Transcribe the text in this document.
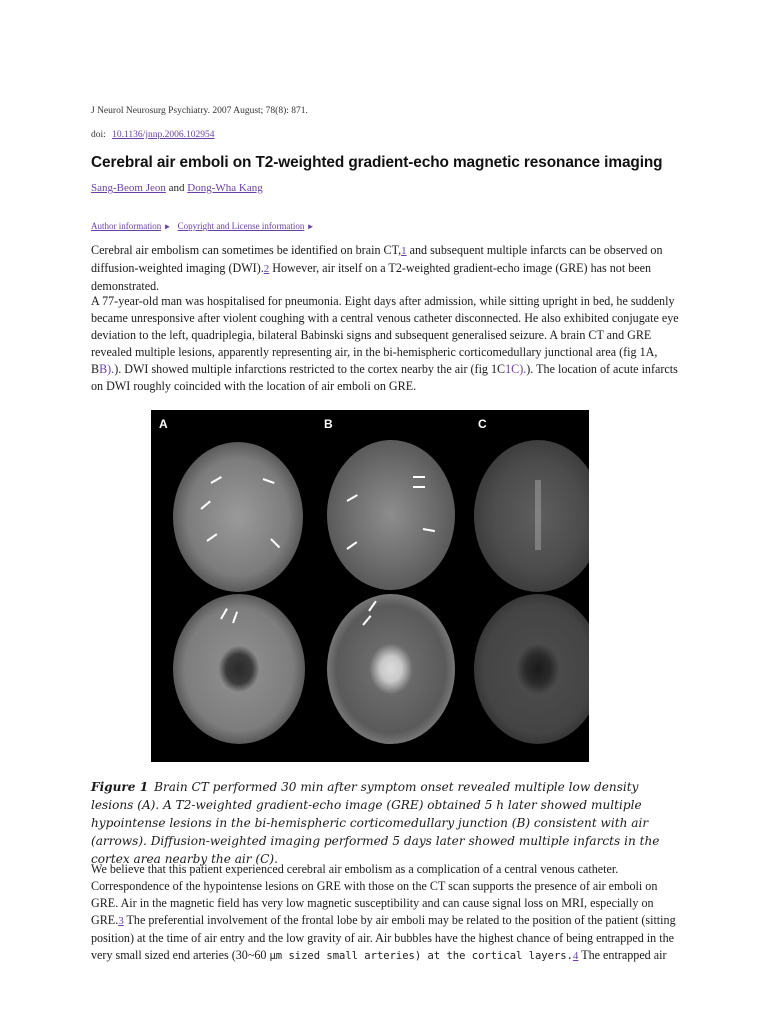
J Neurol Neurosurg Psychiatry. 2007 August; 78(8): 871.
doi: 10.1136/jnnp.2006.102954
Cerebral air emboli on T2-weighted gradient-echo magnetic resonance imaging
Sang-Beom Jeon and Dong-Wha Kang
Author information ► Copyright and License information ►

Cerebral air embolism can sometimes be identified on brain CT,1 and subsequent multiple infarcts can be observed on diffusion-weighted imaging (DWI).2 However, air itself on a T2-weighted gradient-echo image (GRE) has not been demonstrated.

A 77-year-old man was hospitalised for pneumonia. Eight days after admission, while sitting upright in bed, he suddenly became unresponsive after violent coughing with a central venous catheter disconnected. He also exhibited conjugate eye deviation to the left, quadriplegia, bilateral Babinski signs and subsequent generalised seizure. A brain CT and GRE revealed multiple lesions, apparently representing air, in the bi-hemispheric corticomedullary junctional area (fig 1A, BB).). DWI showed multiple infarctions restricted to the cortex nearby the air (fig 1C1C).). The location of acute infarcts on DWI roughly coincided with the location of air emboli on GRE.

A	B	C
Figure 1 Brain CT performed 30 min after symptom onset revealed multiple low density lesions (A). A T2-weighted gradient-echo image (GRE) obtained 5 h later showed multiple hypointense lesions in the bi-hemispheric corticomedullary junction (B) consistent with air (arrows). Diffusion-weighted imaging performed 5 days later showed multiple infarcts in the cortex area nearby the air (C).

We believe that this patient experienced cerebral air embolism as a complication of a central venous catheter. Correspondence of the hypointense lesions on GRE with those on the CT scan supports the presence of air emboli on GRE. Air in the magnetic field has very low magnetic susceptibility and can cause signal loss on MRI, especially on GRE.3 The preferential involvement of the frontal lobe by air emboli may be related to the position of the patient (sitting position) at the time of air entry and the low gravity of air. Air bubbles have the highest chance of being entrapped in the very small sized end arteries (30~60 μm sized small arteries) at the cortical layers.4 The entrapped air
